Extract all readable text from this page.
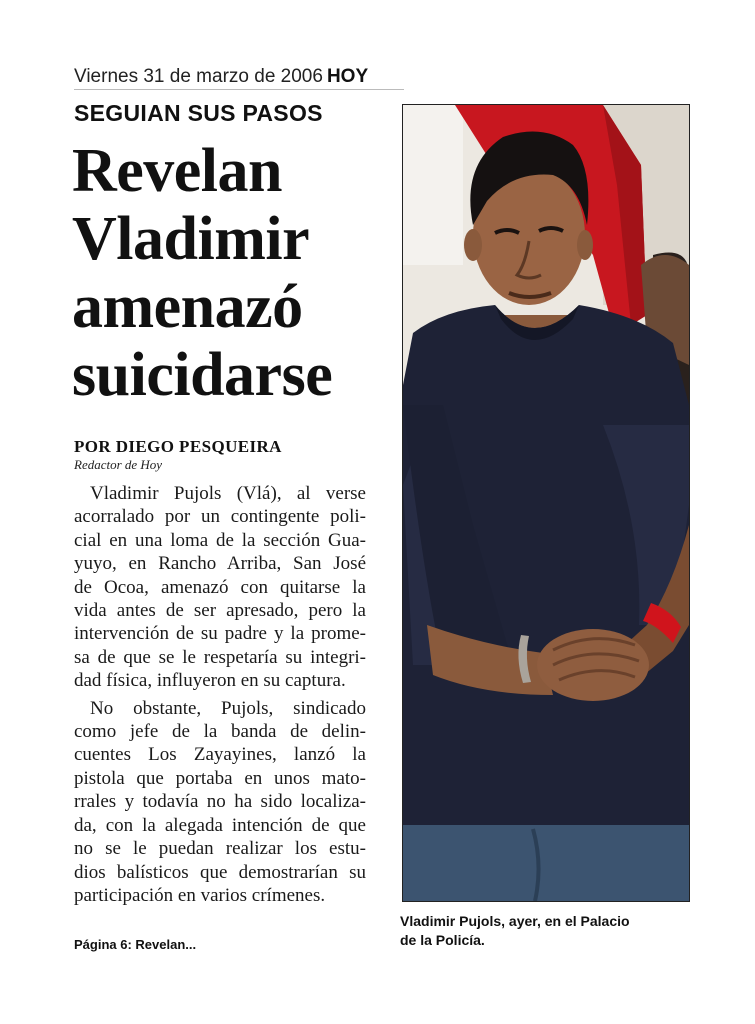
Viernes 31 de marzo de 2006 HOY
SEGUIAN SUS PASOS
Revelan
Vladimir
amenazó
suicidarse
POR DIEGO PESQUEIRA
Redactor de Hoy
Vladimir Pujols (Vlá), al verse
acorralado por un contingente poli-
cial en una loma de la sección Gua-
yuyo, en Rancho Arriba, San José
de Ocoa, amenazó con quitarse la
vida antes de ser apresado, pero la
intervención de su padre y la prome-
sa de que se le respetaría su integri-
dad física, influyeron en su captura.
No obstante, Pujols, sindicado
como jefe de la banda de delin-
cuentes Los Zayayines, lanzó la
pistola que portaba en unos mato-
rrales y todavía no ha sido localiza-
da, con la alegada intención de que
no se le puedan realizar los estu-
dios balísticos que demostrarían su
participación en varios crímenes.
Página 6: Revelan...
Vladimir Pujols, ayer, en el Palacio
de la Policía.
